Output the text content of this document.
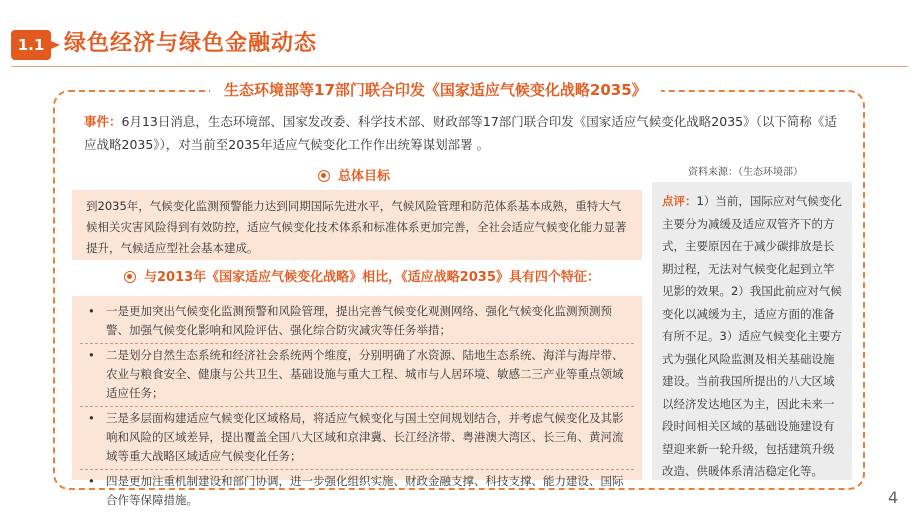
1.1 绿色经济与绿色金融动态
生态环境部等17部门联合印发《国家适应气候变化战略2035》
事件：6月13日消息，生态环境部、国家发改委、科学技术部、财政部等17部门联合印发《国家适应气候变化战略2035》（以下简称《适应战略2035》），对当前至2035年适应气候变化工作作出统筹谋划部署 。
资料来源：（生态环境部）
总体目标
到2035年，气候变化监测预警能力达到同期国际先进水平，气候风险管理和防范体系基本成熟，重特大气候相关灾害风险得到有效防控，适应气候变化技术体系和标准体系更加完善，全社会适应气候变化能力显著提升，气候适应型社会基本建成。
与2013年《国家适应气候变化战略》相比，《适应战略2035》具有四个特征：
• 一是更加突出气候变化监测预警和风险管理，提出完善气候变化观测网络、强化气候变化监测预测预警、加强气候变化影响和风险评估、强化综合防灾减灾等任务举措；
• 二是划分自然生态系统和经济社会系统两个维度，分别明确了水资源、陆地生态系统、海洋与海岸带、农业与粮食安全、健康与公共卫生、基础设施与重大工程、城市与人居环境、敏感二三产业等重点领域适应任务；
• 三是多层面构建适应气候变化区域格局，将适应气候变化与国土空间规划结合，并考虑气候变化及其影响和风险的区域差异，提出覆盖全国八大区域和京津冀、长江经济带、粤港澳大湾区、长三角、黄河流域等重大战略区域适应气候变化任务；
• 四是更加注重机制建设和部门协调，进一步强化组织实施、财政金融支撑、科技支撑、能力建设、国际合作等保障措施。
点评：1）当前，国际应对气候变化主要分为减缓及适应双管齐下的方式，主要原因在于减少碳排放是长期过程，无法对气候变化起到立竿见影的效果。2）我国此前应对气候变化以减缓为主，适应方面的准备有所不足。3）适应气候变化主要方式为强化风险监测及相关基础设施建设。当前我国所提出的八大区域以经济发达地区为主，因此未来一段时间相关区域的基础设施建设有望迎来新一轮升级，包括建筑升级改造、供暖体系清洁稳定化等。
4
